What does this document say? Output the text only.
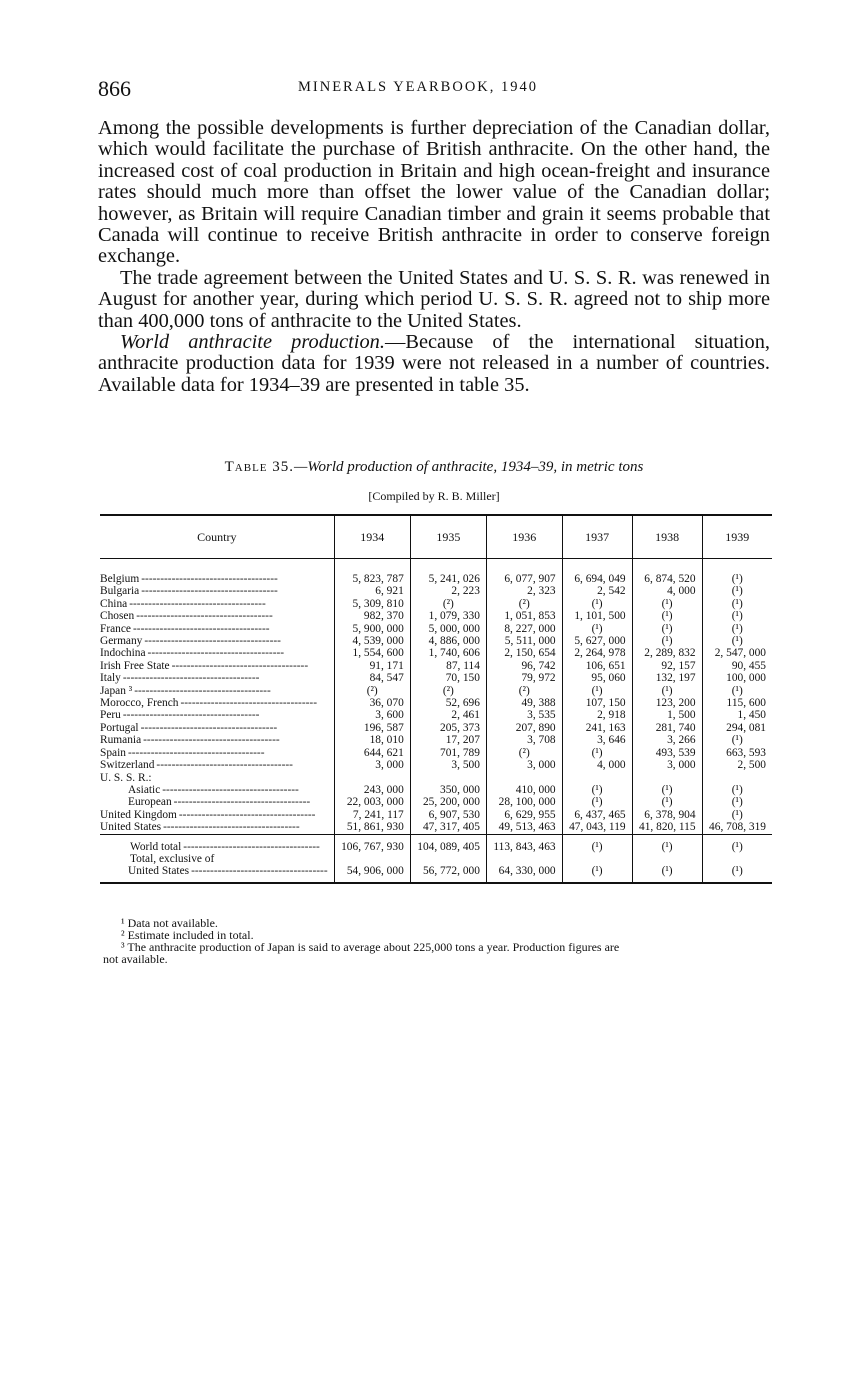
866	MINERALS YEARBOOK, 1940

Among the possible developments is further depreciation of the Canadian dollar, which would facilitate the purchase of British anthracite. On the other hand, the increased cost of coal production in Britain and high ocean-freight and insurance rates should much more than offset the lower value of the Canadian dollar; however, as Britain will require Canadian timber and grain it seems probable that Canada will continue to receive British anthracite in order to conserve foreign exchange.

The trade agreement between the United States and U. S. S. R. was renewed in August for another year, during which period U. S. S. R. agreed not to ship more than 400,000 tons of anthracite to the United States.

World anthracite production.—Because of the international situation, anthracite production data for 1939 were not released in a number of countries. Available data for 1934–39 are presented in table 35.

Table 35.—World production of anthracite, 1934–39, in metric tons
[Compiled by R. B. Miller]
Country	1934	1935	1936	1937	1938	1939

Belgium ------------------------------------	5, 823, 787	5, 241, 026	6, 077, 907	6, 694, 049	6, 874, 520	(¹)
Bulgaria ------------------------------------	6, 921	2, 223	2, 323	2, 542	4, 000	(¹)
China ------------------------------------	5, 309, 810	(²)	(²)	(¹)	(¹)	(¹)
Chosen ------------------------------------	982, 370	1, 079, 330	1, 051, 853	1, 101, 500	(¹)	(¹)
France ------------------------------------	5, 900, 000	5, 000, 000	8, 227, 000	(¹)	(¹)	(¹)
Germany ------------------------------------	4, 539, 000	4, 886, 000	5, 511, 000	5, 627, 000	(¹)	(¹)
Indochina ------------------------------------	1, 554, 600	1, 740, 606	2, 150, 654	2, 264, 978	2, 289, 832	2, 547, 000
Irish Free State ------------------------------------	91, 171	87, 114	96, 742	106, 651	92, 157	90, 455
Italy ------------------------------------	84, 547	70, 150	79, 972	95, 060	132, 197	100, 000
Japan ³ ------------------------------------	(²)	(²)	(²)	(¹)	(¹)	(¹)
Morocco, French ------------------------------------	36, 070	52, 696	49, 388	107, 150	123, 200	115, 600
Peru ------------------------------------	3, 600	2, 461	3, 535	2, 918	1, 500	1, 450
Portugal ------------------------------------	196, 587	205, 373	207, 890	241, 163	281, 740	294, 081
Rumania ------------------------------------	18, 010	17, 207	3, 708	3, 646	3, 266	(¹)
Spain ------------------------------------	644, 621	701, 789	(²)	(¹)	493, 539	663, 593
Switzerland ------------------------------------	3, 000	3, 500	3, 000	4, 000	3, 000	2, 500
U. S. S. R.:						
Asiatic ------------------------------------	243, 000	350, 000	410, 000	(¹)	(¹)	(¹)
European ------------------------------------	22, 003, 000	25, 200, 000	28, 100, 000	(¹)	(¹)	(¹)
United Kingdom ------------------------------------	7, 241, 117	6, 907, 530	6, 629, 955	6, 437, 465	6, 378, 904	(¹)
United States ------------------------------------	51, 861, 930	47, 317, 405	49, 513, 463	47, 043, 119	41, 820, 115	46, 708, 319
World total ------------------------------------	106, 767, 930	104, 089, 405	113, 843, 463	(¹)	(¹)	(¹)
Total, exclusive of						
United States ------------------------------------	54, 906, 000	56, 772, 000	64, 330, 000	(¹)	(¹)	(¹)
¹ Data not available.
² Estimate included in total.
³ The anthracite production of Japan is said to average about 225,000 tons a year. Production figures are
not available.
